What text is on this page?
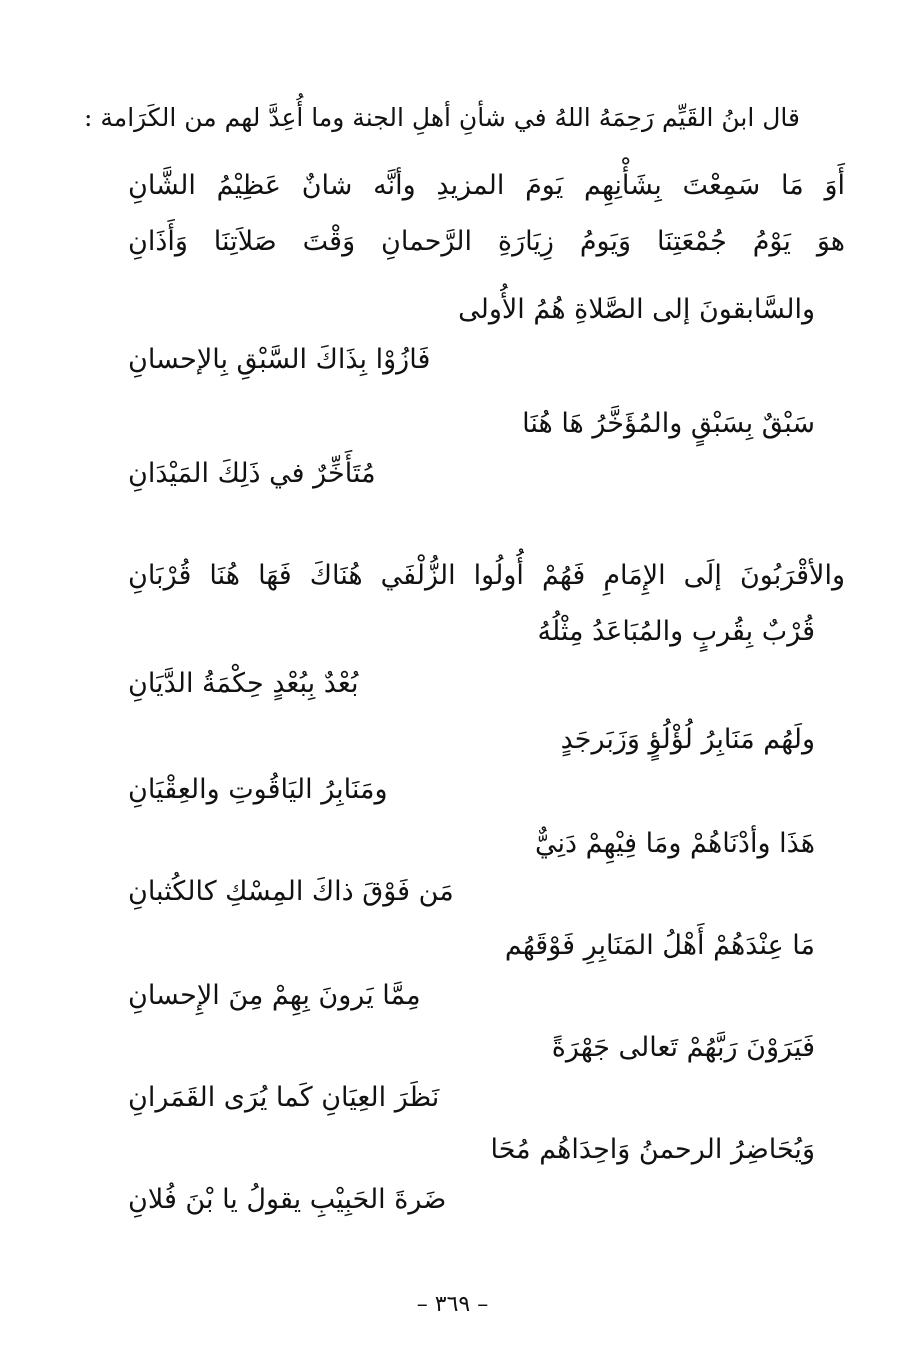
قال ابنُ القَيِّم رَحِمَهُ اللهُ في شأنِ أهلِ الجنة وما أُعِدَّ لهم من الكَرَامة :
أَوَ مَا سَمِعْتَ بِشَأْنِهِم يَومَ المزيدِ وأنَّه شانٌ عَظِيْمُ الشَّانِ
هوَ يَوْمُ جُمْعَتِنَا وَيَومُ زِيَارَةِ الرَّحمانِ وَقْتَ صَلاَتِنَا وَأَذَانِ
والسَّابقونَ إلى الصَّلاةِ هُمُ الأُولى
فَازُوْا بِذَاكَ السَّبْقِ بِالإحسانِ
سَبْقٌ بِسَبْقٍ والمُؤَخَّرُ هَا هُنَا
مُتَأَخِّرٌ في ذَلِكَ المَيْدَانِ
والأقْرَبُونَ إلَى الإِمَامِ فَهُمْ أُولُوا الزُّلْفَي هُنَاكَ فَهَا هُنَا قُرْبَانِ
قُرْبٌ بِقُربٍ والمُبَاعَدُ مِثْلُهُ
بُعْدٌ بِبُعْدٍ حِكْمَةُ الدَّيَانِ
ولَهُم مَنَابِرُ لُؤْلُؤٍ وَزَبَرجَدٍ
ومَنَابِرُ اليَاقُوتِ والعِقْيَانِ
هَذَا وأدْنَاهُمْ ومَا فِيْهِمْ دَنِيٌّ
مَن فَوْقَ ذاكَ المِسْكِ كالكُثبانِ
مَا عِنْدَهُمْ أَهْلُ المَنَابِرِ فَوْقَهُم
مِمَّا يَرونَ بِهِمْ مِنَ الإِحسانِ
فَيَرَوْنَ رَبَّهُمْ تَعالى جَهْرَةً
نَظَرَ العِيَانِ كَما يُرَى القَمَرانِ
وَيُحَاضِرُ الرحمنُ وَاحِدَاهُم مُحَا
ضَرةَ الحَبِيْبِ يقولُ يا بْنَ فُلانِ
– ٣٦٩ –
